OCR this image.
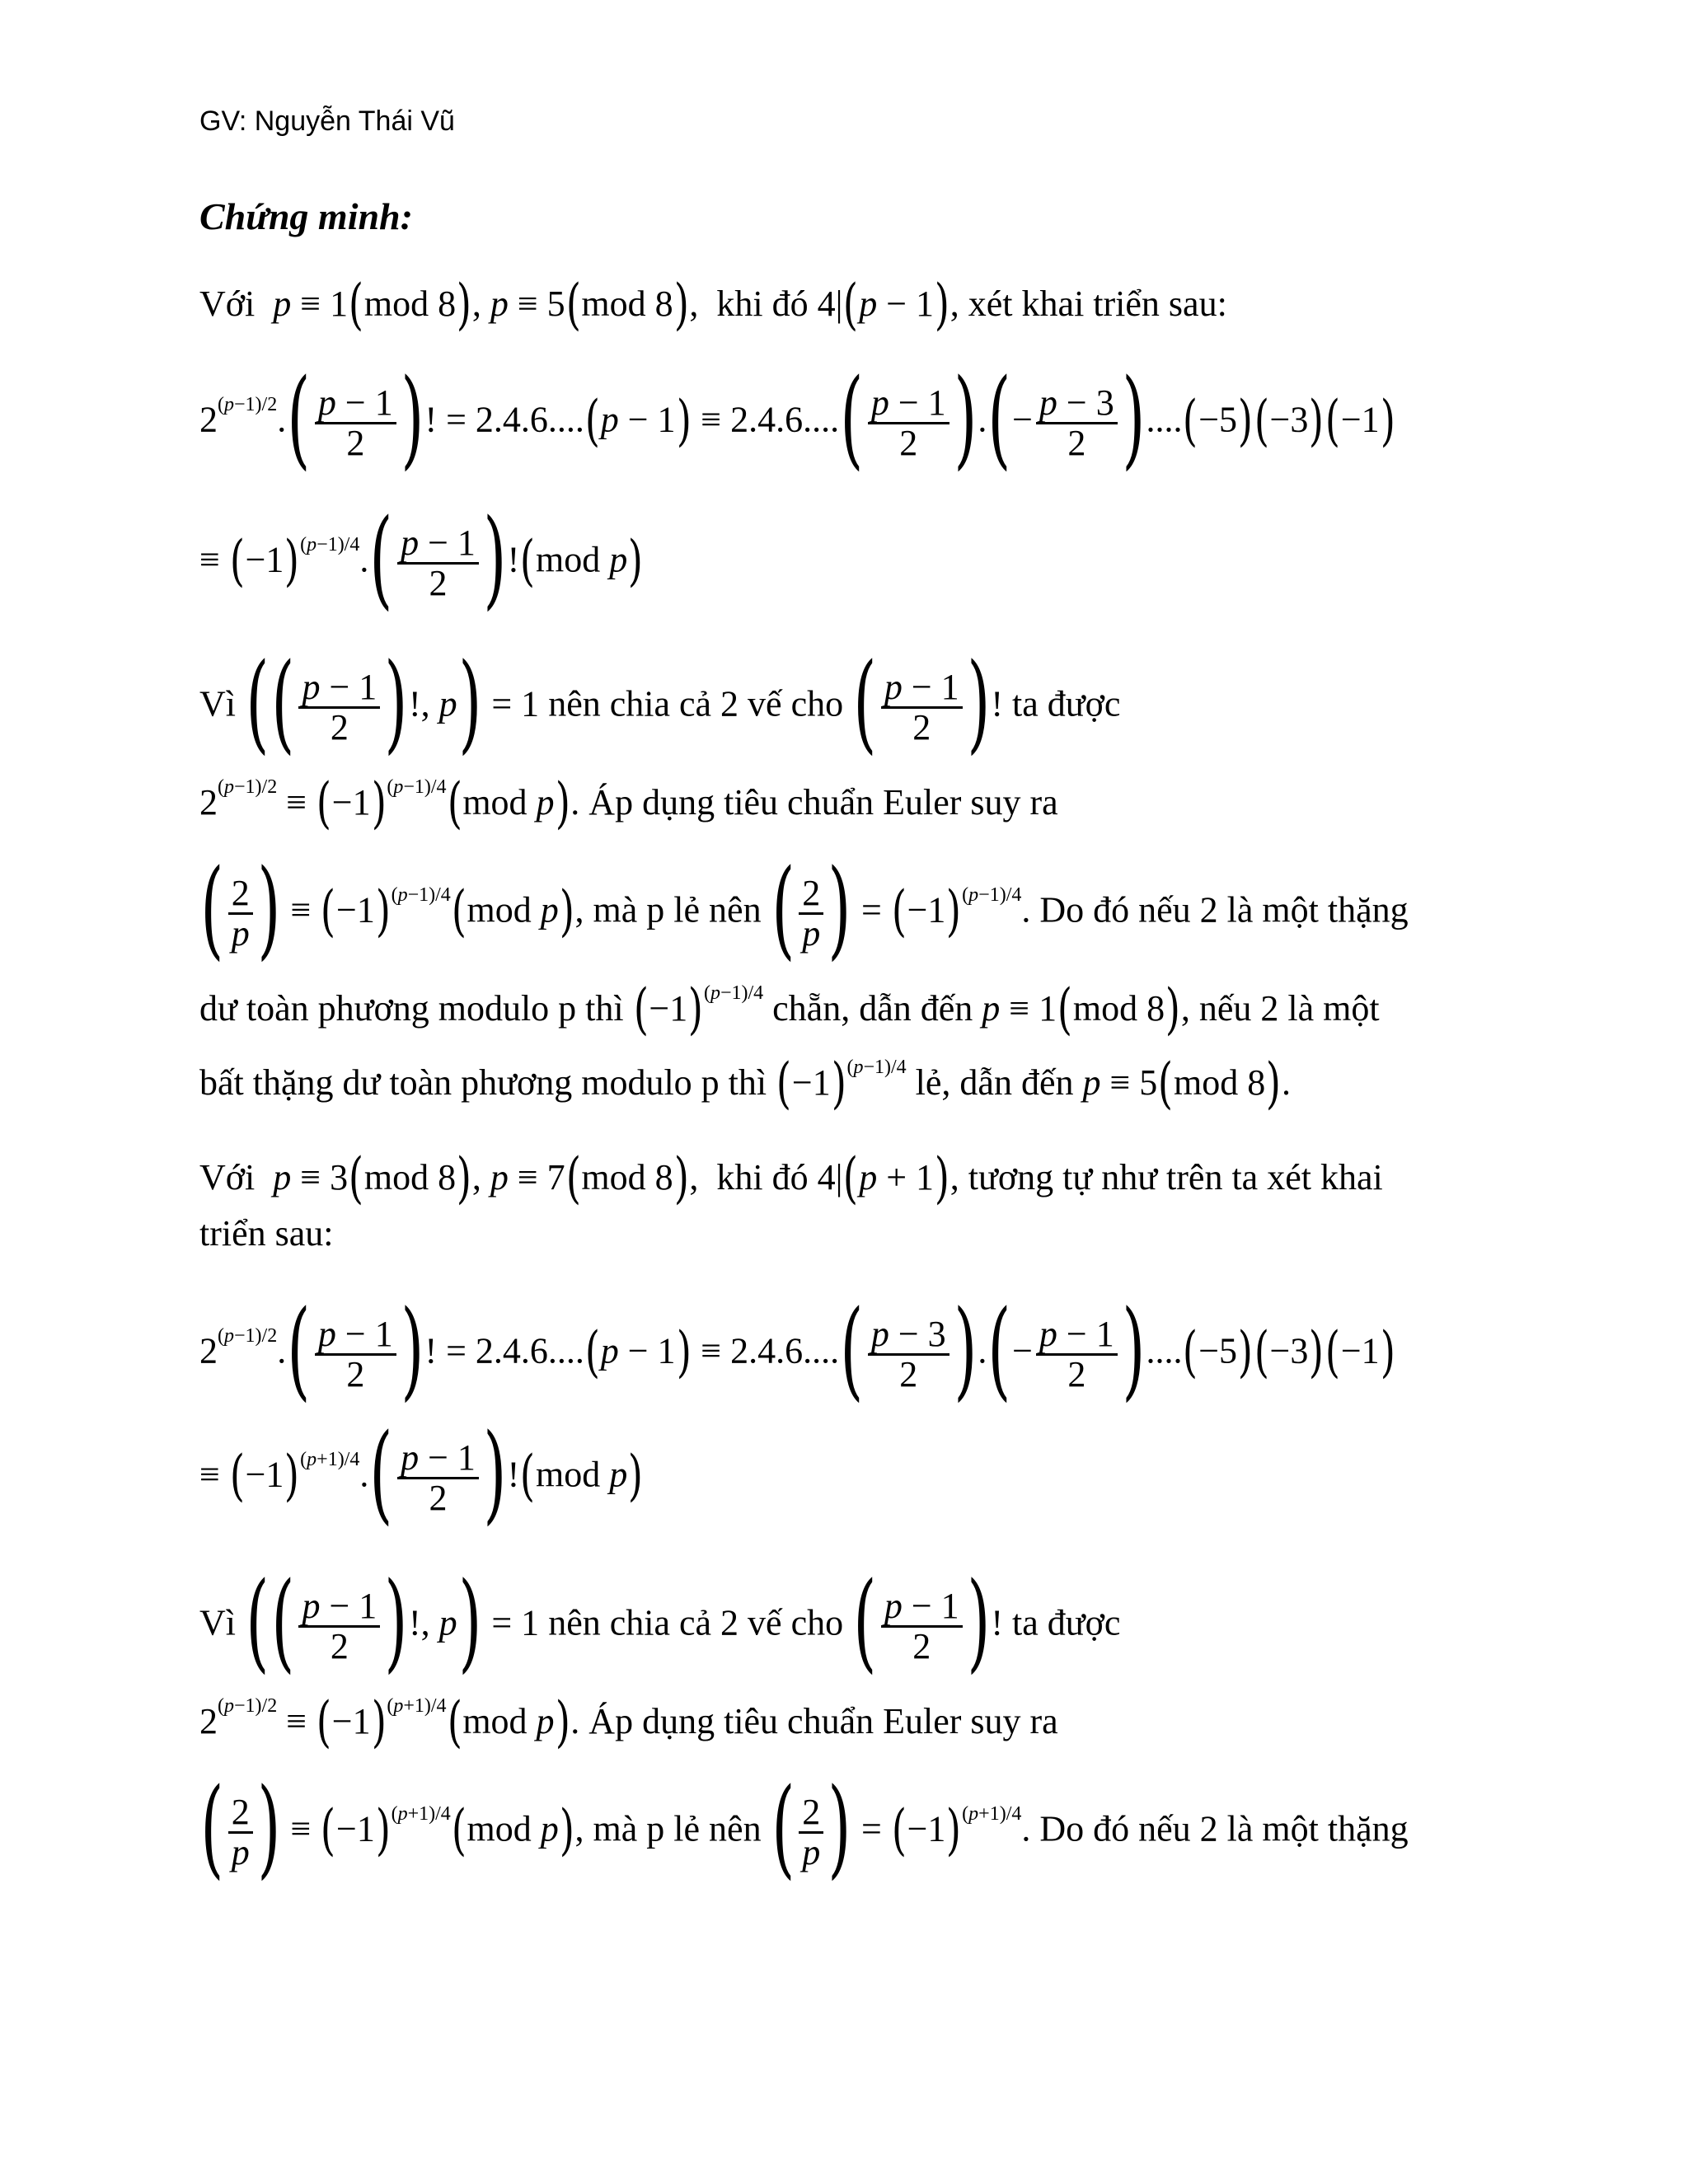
GV: Nguyễn Thái Vũ
Chứng minh:
Với p ≡ 1(mod 8), p ≡ 5(mod 8),  khi đó 4|(p − 1), xét khai triển sau:
$2^{(p-1)/2}.( \frac{p - 1}{2}$ )! = $2.4.6....(p - 1) \equiv 2.4.6....( \frac{p - 1}{2}$ ).(− $\frac{p - 3}{2} )....(-5)(-3)(-1)$
≡ $(-1)^{(p-1)/4}.( \frac{p - 1}{2} )!(mod$ p)
Vì (( $\frac{p - 1}{2}$ )!, p) = 1 nên chia cả 2 vế cho ( $\frac{p - 1}{2}$ )! ta được
$2^{(p-1)/2} \equiv (-1)^{(p-1)/4}(mod$ p). Áp dụng tiêu chuẩn Euler suy ra
( $\frac{2}{p}$ ) ≡ $(-1)^{(p-1)/4}(mod$ p), mà p lẻ nên ( $\frac{2}{p}$ ) = $(-1)^{(p-1)/4}$. Do đó nếu 2 là một thặng
dư toàn phương modulo p thì $(-1)^{(p-1)/4}$ chẵn, dẫn đến p ≡ 1(mod 8), nếu 2 là một
bất thặng dư toàn phương modulo p thì $(-1)^{(p-1)/4}$ lẻ, dẫn đến p ≡ 5(mod 8).
Với p ≡ 3(mod 8), p ≡ 7(mod 8),  khi đó 4|(p + 1), tương tự như trên ta xét khai
triển sau:
$2^{(p-1)/2}.( \frac{p - 1}{2}$ )! = $2.4.6....(p - 1) \equiv 2.4.6....( \frac{p - 3}{2}$ ).(− $\frac{p - 1}{2} )....(-5)(-3)(-1)$
≡ $(-1)^{(p+1)/4}.( \frac{p - 1}{2} )!(mod$ p)
Vì (( $\frac{p - 1}{2}$ )!, p) = 1 nên chia cả 2 vế cho ( $\frac{p - 1}{2}$ )! ta được
$2^{(p-1)/2} \equiv (-1)^{(p+1)/4}(mod$ p). Áp dụng tiêu chuẩn Euler suy ra
( $\frac{2}{p}$ ) ≡ $(-1)^{(p+1)/4}(mod$ p), mà p lẻ nên ( $\frac{2}{p}$ ) = $(-1)^{(p+1)/4}$. Do đó nếu 2 là một thặng
